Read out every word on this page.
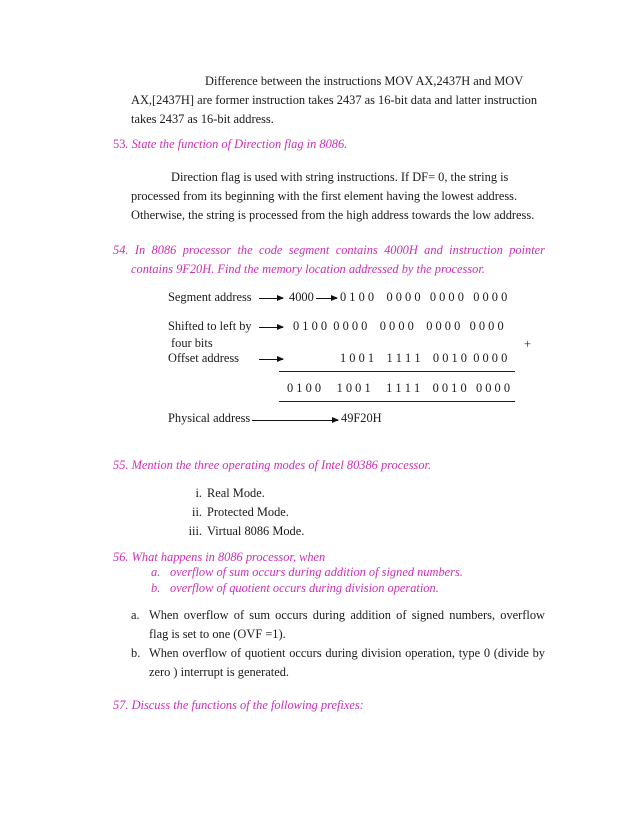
Difference between the instructions MOV AX,2437H and MOV
AX,[2437H] are former instruction takes 2437 as 16-bit data and latter instruction
takes 2437 as 16-bit address.
53. State the function of Direction flag in 8086.
Direction flag is used with string instructions. If DF= 0, the string is
processed from its beginning with the first element having the lowest address.
Otherwise, the string is processed from the high address towards the low address.
54. In 8086 processor the code segment contains 4000H and instruction pointer
contains 9F20H. Find the memory location addressed by the processor.
Segment address	4000 0 1 0 0    0 0 0 0   0 0 0 0   0 0 0 0
Shifted to left by	0 1 0 0  0 0 0 0    0 0 0 0    0 0 0 0   0 0 0 0
four bits	+
Offset address	1 0 0 1    1 1 1 1    0 0 1 0  0 0 0 0
0 1 0 0     1 0 0 1     1 1 1 1    0 0 1 0   0 0 0 0
Physical address	49F20H
55. Mention the three operating modes of Intel 80386 processor.
i. Real Mode.
ii. Protected Mode.
iii. Virtual 8086 Mode.
56. What happens in 8086 processor, when
a. overflow of sum occurs during addition of signed numbers.
b. overflow of quotient occurs during division operation.
a. When overflow of sum occurs during addition of signed numbers, overflow flag is set to one (OVF =1).
b. When overflow of quotient occurs during division operation, type 0 (divide by zero ) interrupt is generated.
57. Discuss the functions of the following prefixes:
